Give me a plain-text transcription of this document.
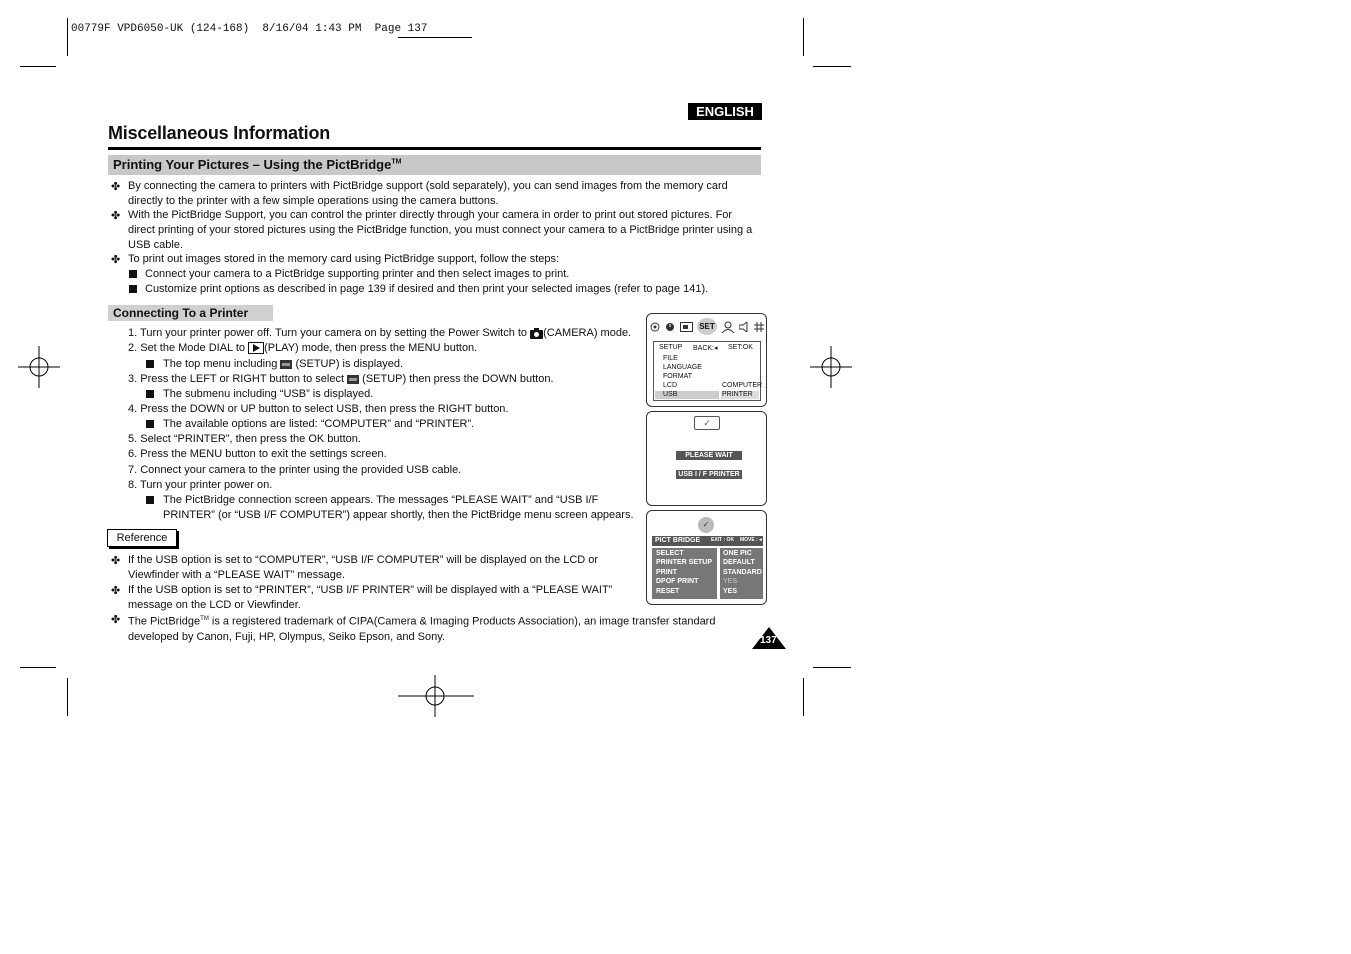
00779F VPD6050-UK (124-168)  8/16/04 1:43 PM  Page 137
ENGLISH
Miscellaneous Information
Printing Your Pictures – Using the PictBridge™
✤ By connecting the camera to printers with PictBridge support (sold separately), you can send images from the memory card
directly to the printer with a few simple operations using the camera buttons.
✤ With the PictBridge Support, you can control the printer directly through your camera in order to print out stored pictures. For
direct printing of your stored pictures using the PictBridge function, you must connect your camera to a PictBridge printer using a
USB cable.
✤ To print out images stored in the memory card using PictBridge support, follow the steps:
Connect your camera to a PictBridge supporting printer and then select images to print.
Customize print options as described in page 139 if desired and then print your selected images (refer to page 141).
Connecting To a Printer
1. Turn your printer power off. Turn your camera on by setting the Power Switch to (CAMERA) mode.
2. Set the Mode DIAL to (PLAY) mode, then press the MENU button.
The top menu including (SETUP) is displayed.
3. Press the LEFT or RIGHT button to select (SETUP) then press the DOWN button.
The submenu including “USB” is displayed.
4. Press the DOWN or UP button to select USB, then press the RIGHT button.
The available options are listed: “COMPUTER” and “PRINTER”.
5. Select “PRINTER”, then press the OK button.
6. Press the MENU button to exit the settings screen.
7. Connect your camera to the printer using the provided USB cable.
8. Turn your printer power on.
The PictBridge connection screen appears. The messages “PLEASE WAIT” and “USB I/F
PRINTER” (or “USB I/F COMPUTER”) appear shortly, then the PictBridge menu screen appears.
Reference
✤ If the USB option is set to “COMPUTER”, “USB I/F COMPUTER” will be displayed on the LCD or
Viewfinder with a “PLEASE WAIT” message.
✤ If the USB option is set to “PRINTER”, “USB I/F PRINTER” will be displayed with a “PLEASE WAIT”
message on the LCD or Viewfinder.
✤ The PictBridge™ is a registered trademark of CIPA(Camera & Imaging Products Association), an image transfer standard
developed by Canon, Fuji, HP, Olympus, Seiko Epson, and Sony.
SET
SETUP BACK:◂ SET:OK
FILE
LANGUAGE
FORMAT
LCD
USB
COMPUTER
PRINTER
✓
PLEASE WAIT
USB I / F PRINTER
✓
PICT BRIDGE EXIT : OK MOVE : ◂
SELECT
PRINTER SETUP
PRINT
DPOF PRINT
RESET
ONE PIC
DEFAULT
STANDARD
YES
YES
137
